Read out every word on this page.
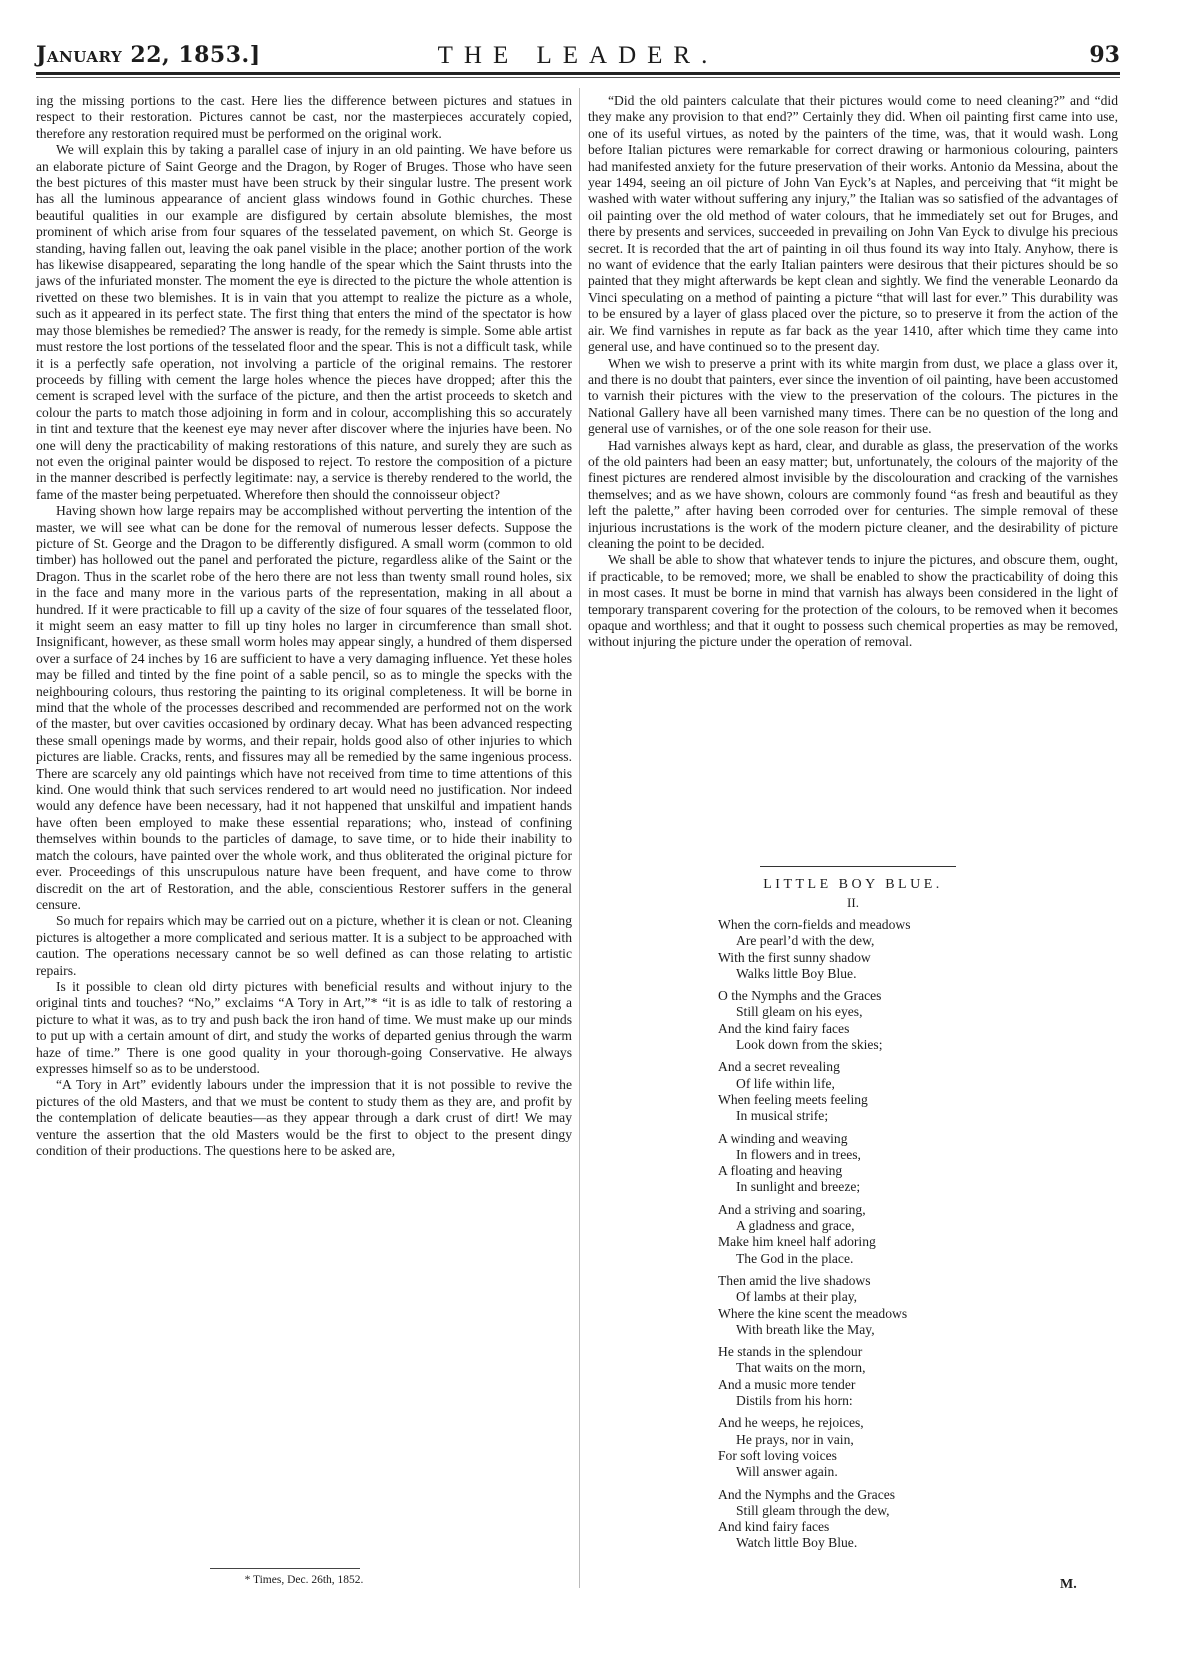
January 22, 1853.]	THE LEADER.	93

ing the missing portions to the cast. Here lies the difference between pictures and statues in respect to their restoration. Pictures cannot be cast, nor the masterpieces accurately copied, therefore any restoration required must be performed on the original work.

We will explain this by taking a parallel case of injury in an old painting. We have before us an elaborate picture of Saint George and the Dragon, by Roger of Bruges. Those who have seen the best pictures of this master must have been struck by their singular lustre. The present work has all the luminous appearance of ancient glass windows found in Gothic churches. These beautiful qualities in our example are disfigured by certain absolute blemishes, the most prominent of which arise from four squares of the tesselated pavement, on which St. George is standing, having fallen out, leaving the oak panel visible in the place; another portion of the work has likewise disappeared, separating the long handle of the spear which the Saint thrusts into the jaws of the infuriated monster. The moment the eye is directed to the picture the whole attention is rivetted on these two blemishes. It is in vain that you attempt to realize the picture as a whole, such as it appeared in its perfect state. The first thing that enters the mind of the spectator is how may those blemishes be remedied? The answer is ready, for the remedy is simple. Some able artist must restore the lost portions of the tesselated floor and the spear. This is not a difficult task, while it is a perfectly safe operation, not involving a particle of the original remains. The restorer proceeds by filling with cement the large holes whence the pieces have dropped; after this the cement is scraped level with the surface of the picture, and then the artist proceeds to sketch and colour the parts to match those adjoining in form and in colour, accomplishing this so accurately in tint and texture that the keenest eye may never after discover where the injuries have been. No one will deny the practicability of making restorations of this nature, and surely they are such as not even the original painter would be disposed to reject. To restore the composition of a picture in the manner described is perfectly legitimate: nay, a service is thereby rendered to the world, the fame of the master being perpetuated. Wherefore then should the connoisseur object?

Having shown how large repairs may be accomplished without perverting the intention of the master, we will see what can be done for the removal of numerous lesser defects. Suppose the picture of St. George and the Dragon to be differently disfigured. A small worm (common to old timber) has hollowed out the panel and perforated the picture, regardless alike of the Saint or the Dragon. Thus in the scarlet robe of the hero there are not less than twenty small round holes, six in the face and many more in the various parts of the representation, making in all about a hundred. If it were practicable to fill up a cavity of the size of four squares of the tesselated floor, it might seem an easy matter to fill up tiny holes no larger in circumference than small shot. Insignificant, however, as these small worm holes may appear singly, a hundred of them dispersed over a surface of 24 inches by 16 are sufficient to have a very damaging influence. Yet these holes may be filled and tinted by the fine point of a sable pencil, so as to mingle the specks with the neighbouring colours, thus restoring the painting to its original completeness. It will be borne in mind that the whole of the processes described and recommended are performed not on the work of the master, but over cavities occasioned by ordinary decay. What has been advanced respecting these small openings made by worms, and their repair, holds good also of other injuries to which pictures are liable. Cracks, rents, and fissures may all be remedied by the same ingenious process. There are scarcely any old paintings which have not received from time to time attentions of this kind. One would think that such services rendered to art would need no justification. Nor indeed would any defence have been necessary, had it not happened that unskilful and impatient hands have often been employed to make these essential reparations; who, instead of confining themselves within bounds to the particles of damage, to save time, or to hide their inability to match the colours, have painted over the whole work, and thus obliterated the original picture for ever. Proceedings of this unscrupulous nature have been frequent, and have come to throw discredit on the art of Restoration, and the able, conscientious Restorer suffers in the general censure.

So much for repairs which may be carried out on a picture, whether it is clean or not. Cleaning pictures is altogether a more complicated and serious matter. It is a subject to be approached with caution. The operations necessary cannot be so well defined as can those relating to artistic repairs.

Is it possible to clean old dirty pictures with beneficial results and without injury to the original tints and touches? “No,” exclaims “A Tory in Art,”* “it is as idle to talk of restoring a picture to what it was, as to try and push back the iron hand of time. We must make up our minds to put up with a certain amount of dirt, and study the works of departed genius through the warm haze of time.” There is one good quality in your thorough-going Conservative. He always expresses himself so as to be understood.

“A Tory in Art” evidently labours under the impression that it is not possible to revive the pictures of the old Masters, and that we must be content to study them as they are, and profit by the contemplation of delicate beauties—as they appear through a dark crust of dirt! We may venture the assertion that the old Masters would be the first to object to the present dingy condition of their productions. The questions here to be asked are,

* Times, Dec. 26th, 1852.

“Did the old painters calculate that their pictures would come to need cleaning?” and “did they make any provision to that end?” Certainly they did. When oil painting first came into use, one of its useful virtues, as noted by the painters of the time, was, that it would wash. Long before Italian pictures were remarkable for correct drawing or harmonious colouring, painters had manifested anxiety for the future preservation of their works. Antonio da Messina, about the year 1494, seeing an oil picture of John Van Eyck’s at Naples, and perceiving that “it might be washed with water without suffering any injury,” the Italian was so satisfied of the advantages of oil painting over the old method of water colours, that he immediately set out for Bruges, and there by presents and services, succeeded in prevailing on John Van Eyck to divulge his precious secret. It is recorded that the art of painting in oil thus found its way into Italy. Anyhow, there is no want of evidence that the early Italian painters were desirous that their pictures should be so painted that they might afterwards be kept clean and sightly. We find the venerable Leonardo da Vinci speculating on a method of painting a picture “that will last for ever.” This durability was to be ensured by a layer of glass placed over the picture, so to preserve it from the action of the air. We find varnishes in repute as far back as the year 1410, after which time they came into general use, and have continued so to the present day.

When we wish to preserve a print with its white margin from dust, we place a glass over it, and there is no doubt that painters, ever since the invention of oil painting, have been accustomed to varnish their pictures with the view to the preservation of the colours. The pictures in the National Gallery have all been varnished many times. There can be no question of the long and general use of varnishes, or of the one sole reason for their use.

Had varnishes always kept as hard, clear, and durable as glass, the preservation of the works of the old painters had been an easy matter; but, unfortunately, the colours of the majority of the finest pictures are rendered almost invisible by the discolouration and cracking of the varnishes themselves; and as we have shown, colours are commonly found “as fresh and beautiful as they left the palette,” after having been corroded over for centuries. The simple removal of these injurious incrustations is the work of the modern picture cleaner, and the desirability of picture cleaning the point to be decided.

We shall be able to show that whatever tends to injure the pictures, and obscure them, ought, if practicable, to be removed; more, we shall be enabled to show the practicability of doing this in most cases. It must be borne in mind that varnish has always been considered in the light of temporary transparent covering for the protection of the colours, to be removed when it becomes opaque and worthless; and that it ought to possess such chemical properties as may be removed, without injuring the picture under the operation of removal.

LITTLE BOY BLUE.
II.
When the corn-fields and meadows
Are pearl’d with the dew,
With the first sunny shadow
Walks little Boy Blue.
O the Nymphs and the Graces
Still gleam on his eyes,
And the kind fairy faces
Look down from the skies;
And a secret revealing
Of life within life,
When feeling meets feeling
In musical strife;
A winding and weaving
In flowers and in trees,
A floating and heaving
In sunlight and breeze;
And a striving and soaring,
A gladness and grace,
Make him kneel half adoring
The God in the place.
Then amid the live shadows
Of lambs at their play,
Where the kine scent the meadows
With breath like the May,
He stands in the splendour
That waits on the morn,
And a music more tender
Distils from his horn:
And he weeps, he rejoices,
He prays, nor in vain,
For soft loving voices
Will answer again.
And the Nymphs and the Graces
Still gleam through the dew,
And kind fairy faces
Watch little Boy Blue.
M.
